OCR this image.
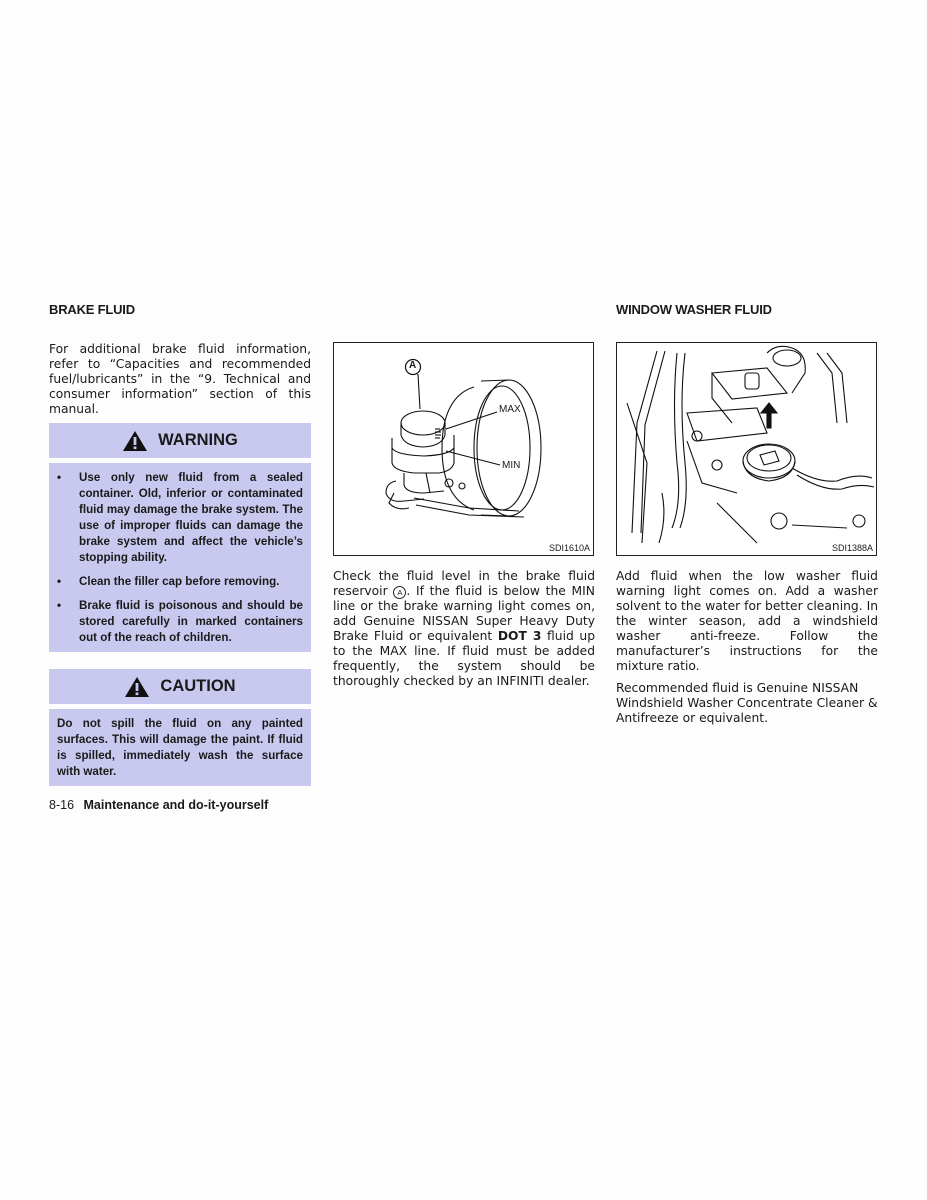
BRAKE FLUID

For additional brake fluid information, refer to “Capacities and recommended fuel/lubricants” in the “9. Technical and consumer information” section of this manual.

WARNING
•	Use only new fluid from a sealed container. Old, inferior or contaminated fluid may damage the brake system. The use of improper fluids can damage the brake system and affect the vehicle’s stopping ability.
•	Clean the filler cap before removing.
•	Brake fluid is poisonous and should be stored carefully in marked containers out of the reach of children.
CAUTION
Do not spill the fluid on any painted surfaces. This will damage the paint. If fluid is spilled, immediately wash the surface with water.
A
MAX
MIN
SDI1610A

Check the fluid level in the brake fluid reservoir A . If the fluid is below the MIN line or the brake warning light comes on, add Genuine NISSAN Super Heavy Duty Brake Fluid or equivalent DOT 3 fluid up to the MAX line. If fluid must be added frequently, the system should be thoroughly checked by an INFINITI dealer.

WINDOW WASHER FLUID
SDI1388A

Add fluid when the low washer fluid warning light comes on. Add a washer solvent to the water for better cleaning. In the winter season, add a windshield washer anti-freeze. Follow the manufacturer’s instructions for the mixture ratio.

Recommended fluid is Genuine NISSAN Windshield Washer Concentrate Cleaner & Antifreeze or equivalent.

8-16 Maintenance and do-it-yourself
